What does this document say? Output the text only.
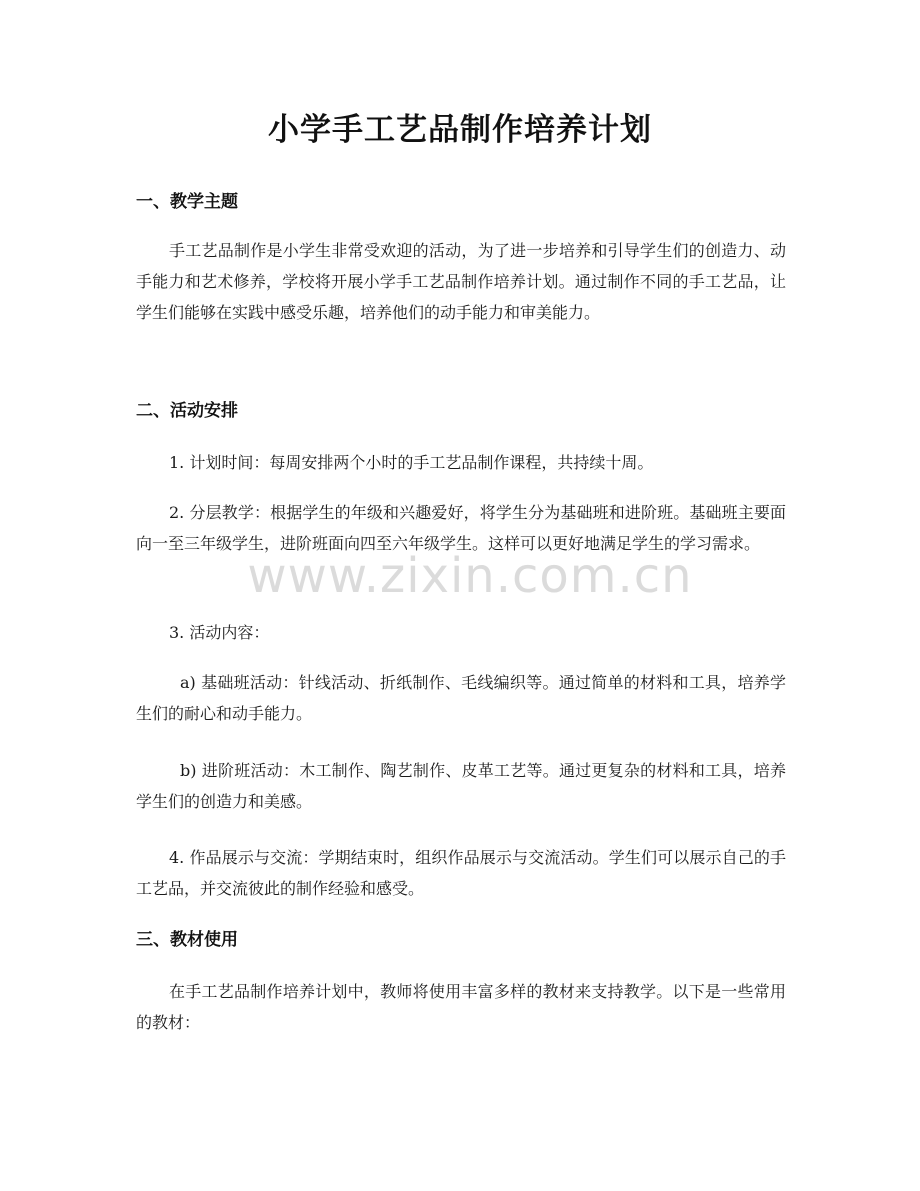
小学手工艺品制作培养计划
一、教学主题
手工艺品制作是小学生非常受欢迎的活动，为了进一步培养和引导学生们的创造力、动手能力和艺术修养，学校将开展小学手工艺品制作培养计划。通过制作不同的手工艺品，让学生们能够在实践中感受乐趣，培养他们的动手能力和审美能力。
二、活动安排
1. 计划时间：每周安排两个小时的手工艺品制作课程，共持续十周。
2. 分层教学：根据学生的年级和兴趣爱好，将学生分为基础班和进阶班。基础班主要面向一至三年级学生，进阶班面向四至六年级学生。这样可以更好地满足学生的学习需求。
3. 活动内容：
a) 基础班活动：针线活动、折纸制作、毛线编织等。通过简单的材料和工具，培养学生们的耐心和动手能力。
b) 进阶班活动：木工制作、陶艺制作、皮革工艺等。通过更复杂的材料和工具，培养学生们的创造力和美感。
4. 作品展示与交流：学期结束时，组织作品展示与交流活动。学生们可以展示自己的手工艺品，并交流彼此的制作经验和感受。
三、教材使用
在手工艺品制作培养计划中，教师将使用丰富多样的教材来支持教学。以下是一些常用的教材：
www.zixin.com.cn
